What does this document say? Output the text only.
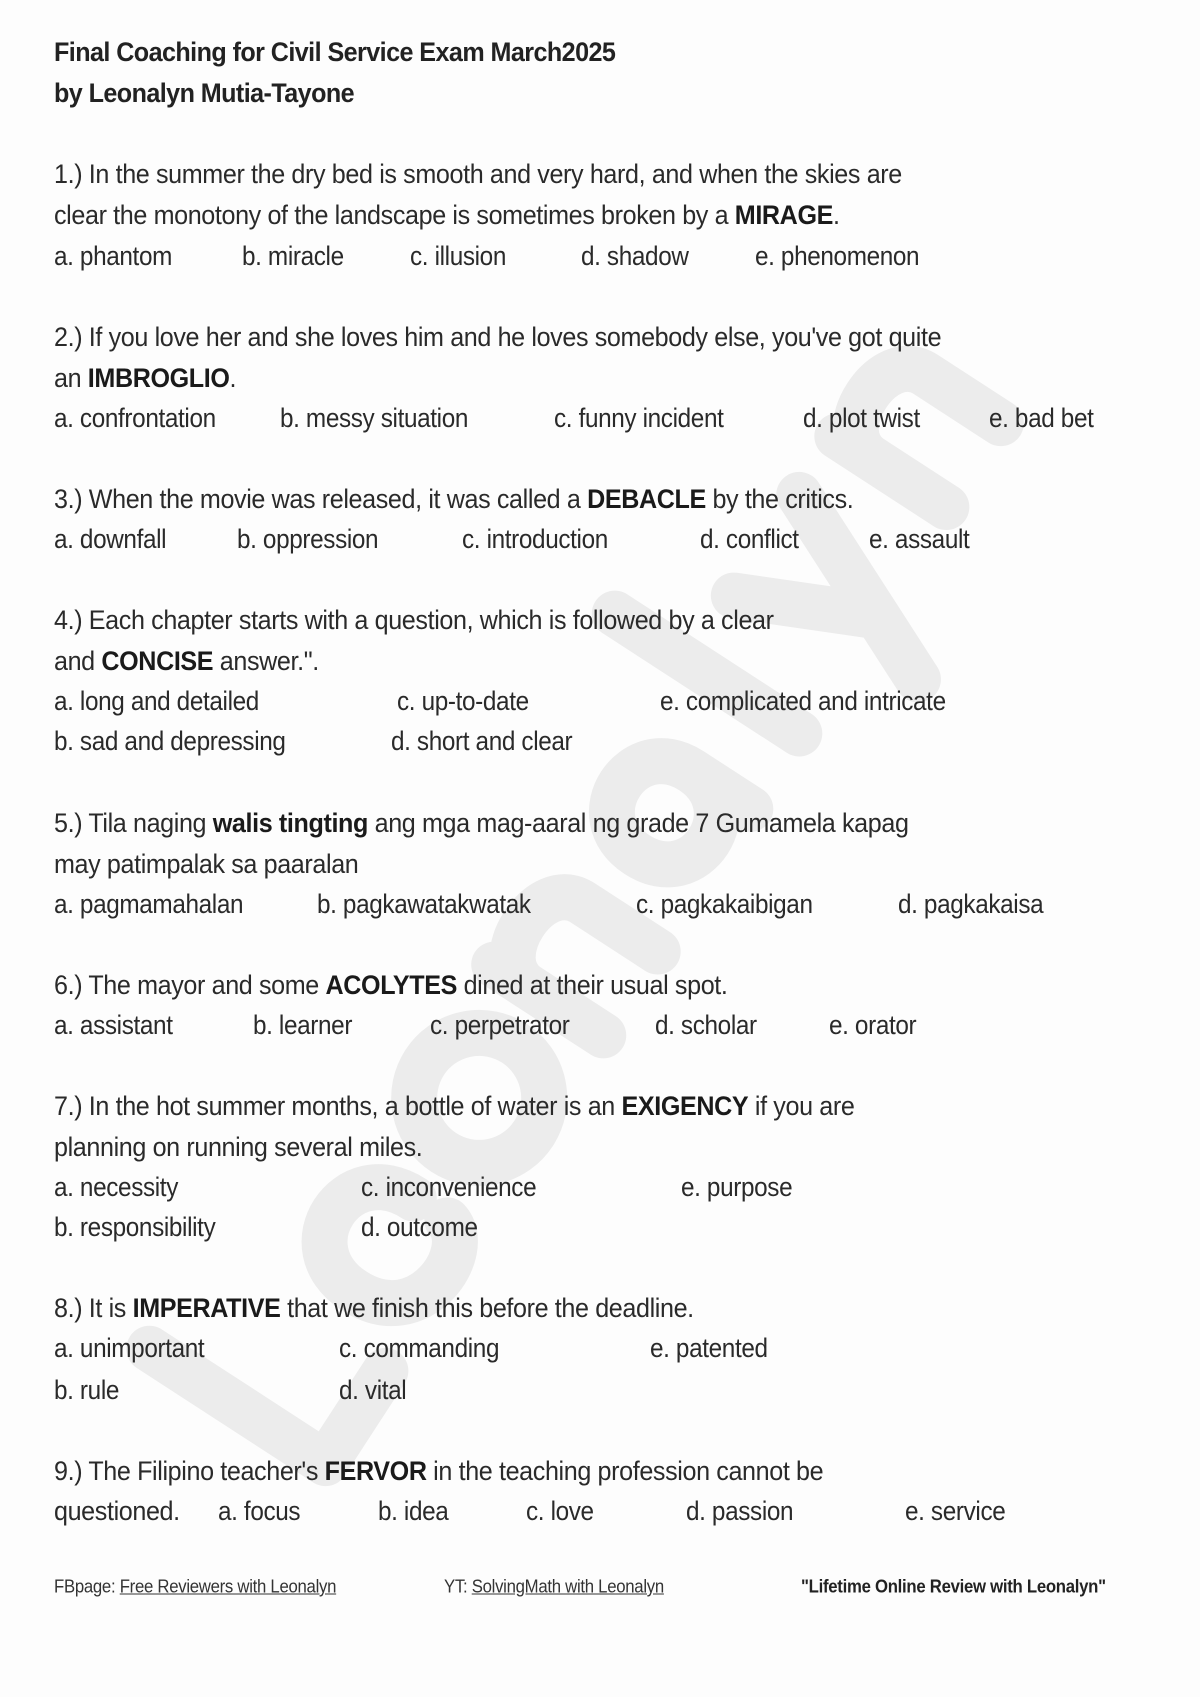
Final Coaching for Civil Service Exam March2025
by Leonalyn Mutia-Tayone
1.) In the summer the dry bed is smooth and very hard, and when the skies are
clear the monotony of the landscape is sometimes broken by a MIRAGE.
a. phantom	b. miracle c. illusion	d. shadow e. phenomenon
2.) If you love her and she loves him and he loves somebody else, you've got quite
an IMBROGLIO.
a. confrontation b. messy situation	c. funny incident	d. plot twist	e. bad bet
3.) When the movie was released, it was called a DEBACLE by the critics.
a. downfall	b. oppression	c. introduction	d. conflict	e. assault
4.) Each chapter starts with a question, which is followed by a clear
and CONCISE answer.".
a. long and detailed
b. sad and depressing
c. up-to-date
d. short and clear
e. complicated and intricate
5.) Tila naging walis tingting ang mga mag-aaral ng grade 7 Gumamela kapag
may patimpalak sa paaralan
a. pagmamahalan	b. pagkawatakwatak	c. pagkakaibigan	d. pagkakaisa
6.) The mayor and some ACOLYTES dined at their usual spot.
a. assistant	b. learner	c. perpetrator	d. scholar	e. orator
7.) In the hot summer months, a bottle of water is an EXIGENCY if you are
planning on running several miles.
a. necessity
b. responsibility
c. inconvenience
d. outcome
e. purpose
8.) It is IMPERATIVE that we finish this before the deadline.
a. unimportant
b. rule
c. commanding
d. vital
e. patented
9.) The Filipino teacher's FERVOR in the teaching profession cannot be
questioned. a. focus	b. idea	c. love	d. passion	e. service
FBpage: Free Reviewers with Leonalyn	YT: SolvingMath with Leonalyn	"Lifetime Online Review with Leonalyn"
